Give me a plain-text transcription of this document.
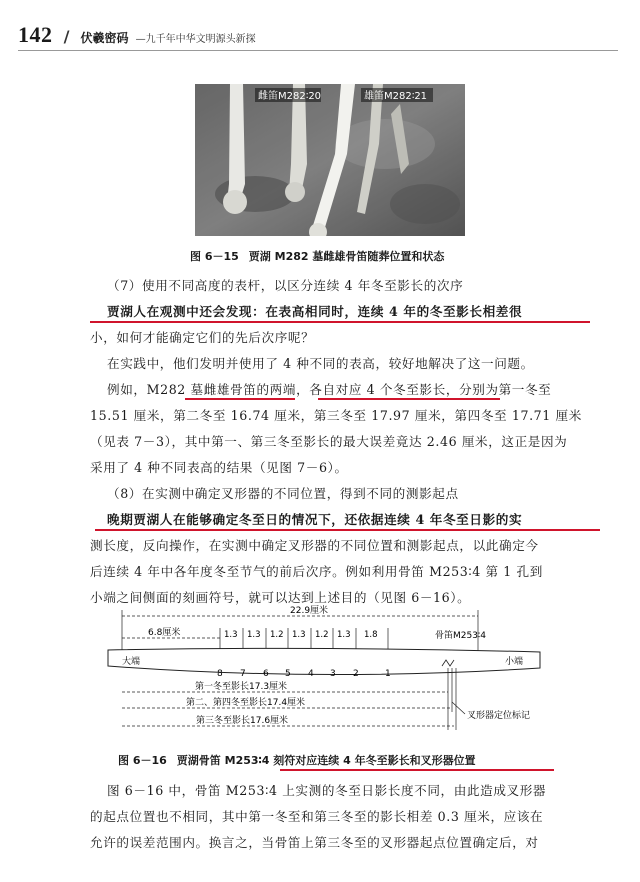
142 / 伏羲密码 —九千年中华文明源头新探
雌笛M282∶20	雄笛M282∶21
图 6－15 贾湖 M282 墓雌雄骨笛随葬位置和状态
（7）使用不同高度的表杆，以区分连续 4 年冬至影长的次序
贾湖人在观测中还会发现：在表高相同时，连续 4 年的冬至影长相差很
小，如何才能确定它们的先后次序呢？
在实践中，他们发明并使用了 4 种不同的表高，较好地解决了这一问题。
例如，M282 墓雌雄骨笛的两端，各自对应 4 个冬至影长，分别为第一冬至
15.51 厘米，第二冬至 16.74 厘米，第三冬至 17.97 厘米，第四冬至 17.71 厘米
（见表 7－3），其中第一、第三冬至影长的最大误差竟达 2.46 厘米，这正是因为
采用了 4 种不同表高的结果（见图 7－6）。
（8）在实测中确定叉形器的不同位置，得到不同的测影起点
晚期贾湖人在能够确定冬至日的情况下，还依据连续 4 年冬至日影的实
测长度，反向操作，在实测中确定叉形器的不同位置和测影起点，以此确定今
后连续 4 年中各年度冬至节气的前后次序。例如利用骨笛 M253∶4 第 1 孔到
小端之间侧面的刻画符号，就可以达到上述目的（见图 6－16）。
22.9厘米
6.8厘米	1.3 1.3 1.2 1.3 1.2 1.3 1.8	骨笛M253∶4
大端	小端
8 7 6 5 4 3 2	1
第一冬至影长17.3厘米
第二、第四冬至影长17.4厘米
第三冬至影长17.6厘米	叉形器定位标记
图 6－16 贾湖骨笛 M253∶4 刻符对应连续 4 年冬至影长和叉形器位置
图 6－16 中，骨笛 M253∶4 上实测的冬至日影长度不同，由此造成叉形器
的起点位置也不相同，其中第一冬至和第三冬至的影长相差 0.3 厘米，应该在
允许的误差范围内。换言之，当骨笛上第三冬至的叉形器起点位置确定后，对
